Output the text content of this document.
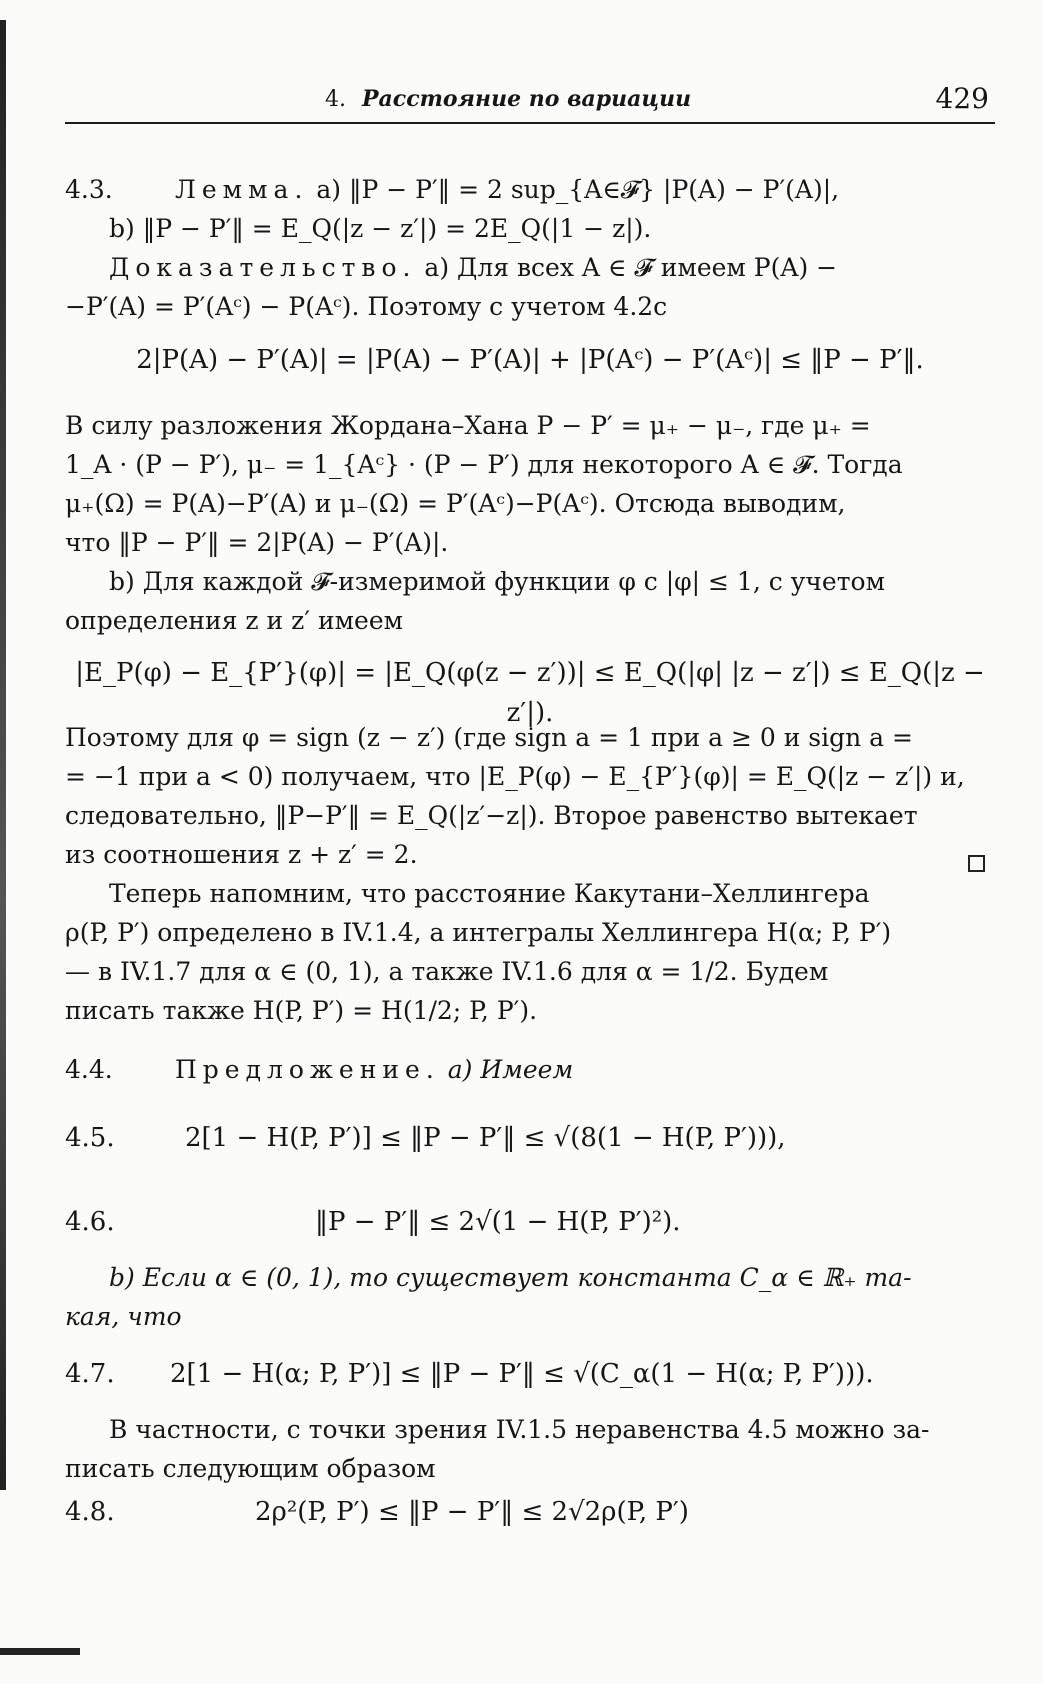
4. Расстояние по вариации	429
4.3. Лемма. a) ‖P − P′‖ = 2 sup_{A∈𝓕} |P(A) − P′(A)|,
b) ‖P − P′‖ = E_Q(|z − z′|) = 2E_Q(|1 − z|).
Доказательство. a) Для всех A ∈ 𝓕 имеем P(A) −
−P′(A) = P′(Aᶜ) − P(Aᶜ). Поэтому с учетом 4.2c
2|P(A) − P′(A)| = |P(A) − P′(A)| + |P(Aᶜ) − P′(Aᶜ)| ≤ ‖P − P′‖.
В силу разложения Жордана–Хана P − P′ = μ₊ − μ₋, где μ₊ =
1_A · (P − P′), μ₋ = 1_{Aᶜ} · (P − P′) для некоторого A ∈ 𝓕. Тогда
μ₊(Ω) = P(A)−P′(A) и μ₋(Ω) = P′(Aᶜ)−P(Aᶜ). Отсюда выводим,
что ‖P − P′‖ = 2|P(A) − P′(A)|.
b) Для каждой 𝓕-измеримой функции φ с |φ| ≤ 1, с учетом
определения z и z′ имеем
|E_P(φ) − E_{P′}(φ)| = |E_Q(φ(z − z′))| ≤ E_Q(|φ| |z − z′|) ≤ E_Q(|z − z′|).
Поэтому для φ = sign (z − z′) (где sign a = 1 при a ≥ 0 и sign a =
= −1 при a < 0) получаем, что |E_P(φ) − E_{P′}(φ)| = E_Q(|z − z′|) и,
следовательно, ‖P−P′‖ = E_Q(|z′−z|). Второе равенство вытекает
из соотношения z + z′ = 2.
Теперь напомним, что расстояние Какутани–Хеллингера
ρ(P, P′) определено в IV.1.4, а интегралы Хеллингера H(α; P, P′)
— в IV.1.7 для α ∈ (0, 1), а также IV.1.6 для α = 1/2. Будем
писать также H(P, P′) = H(1/2; P, P′).
4.4. Предложение. a) Имеем
4.5.	2[1 − H(P, P′)] ≤ ‖P − P′‖ ≤ √(8(1 − H(P, P′))),
4.6.	‖P − P′‖ ≤ 2√(1 − H(P, P′)²).
b) Если α ∈ (0, 1), то существует константа C_α ∈ ℝ₊ та-
кая, что
4.7. 2[1 − H(α; P, P′)] ≤ ‖P − P′‖ ≤ √(C_α(1 − H(α; P, P′))).
В частности, с точки зрения IV.1.5 неравенства 4.5 можно за-
писать следующим образом
4.8.	2ρ²(P, P′) ≤ ‖P − P′‖ ≤ 2√2ρ(P, P′)
